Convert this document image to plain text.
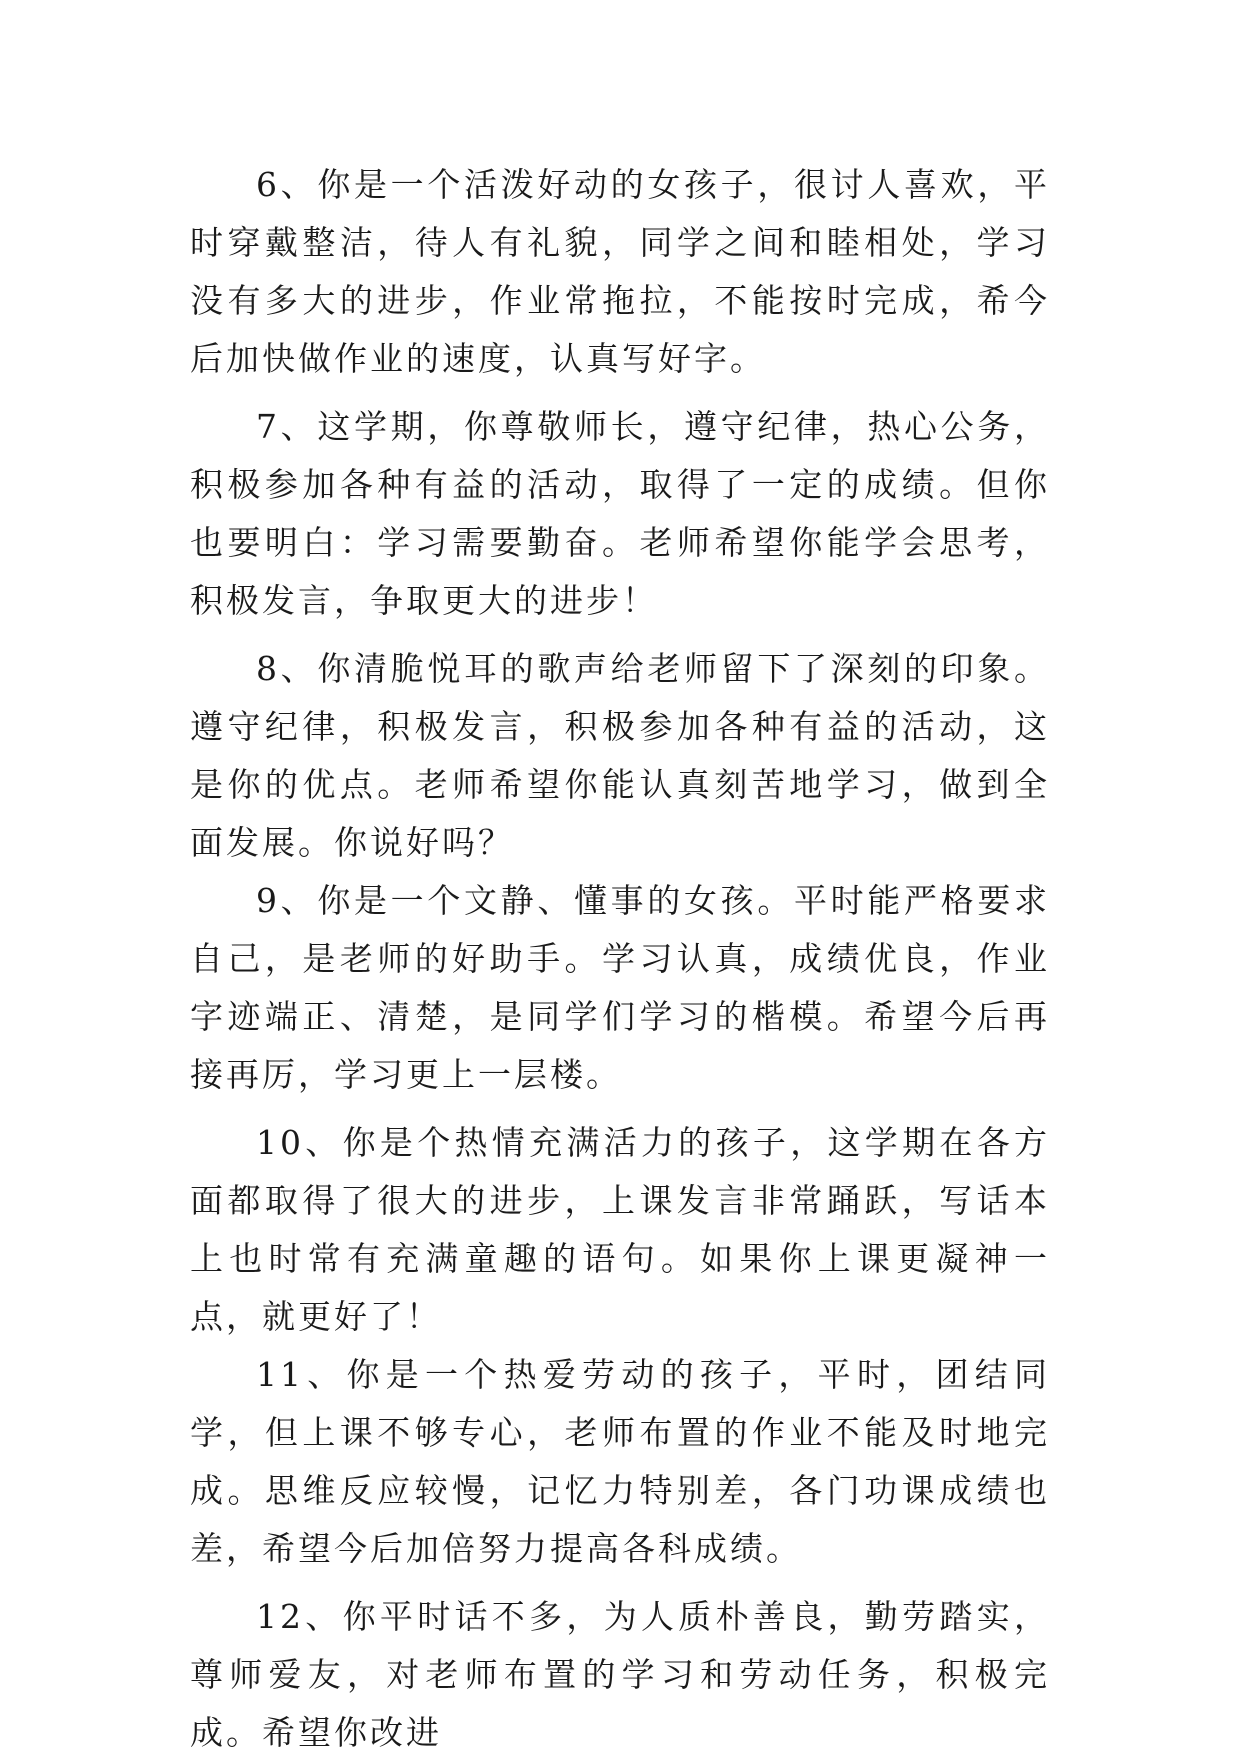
6、你是一个活泼好动的女孩子，很讨人喜欢，平时穿戴整洁，待人有礼貌，同学之间和睦相处，学习没有多大的进步，作业常拖拉，不能按时完成，希今后加快做作业的速度，认真写好字。

7、这学期，你尊敬师长，遵守纪律，热心公务，积极参加各种有益的活动，取得了一定的成绩。但你也要明白：学习需要勤奋。老师希望你能学会思考，积极发言，争取更大的进步！

8、你清脆悦耳的歌声给老师留下了深刻的印象。遵守纪律，积极发言，积极参加各种有益的活动，这是你的优点。老师希望你能认真刻苦地学习，做到全面发展。你说好吗？

9、你是一个文静、懂事的女孩。平时能严格要求自己，是老师的好助手。学习认真，成绩优良，作业字迹端正、清楚，是同学们学习的楷模。希望今后再接再厉，学习更上一层楼。

10、你是个热情充满活力的孩子，这学期在各方面都取得了很大的进步，上课发言非常踊跃，写话本上也时常有充满童趣的语句。如果你上课更凝神一点，就更好了！

11、你是一个热爱劳动的孩子，平时，团结同学，但上课不够专心，老师布置的作业不能及时地完成。思维反应较慢，记忆力特别差，各门功课成绩也差，希望今后加倍努力提高各科成绩。

12、你平时话不多，为人质朴善良，勤劳踏实，尊师爱友，对老师布置的学习和劳动任务，积极完成。希望你改进
